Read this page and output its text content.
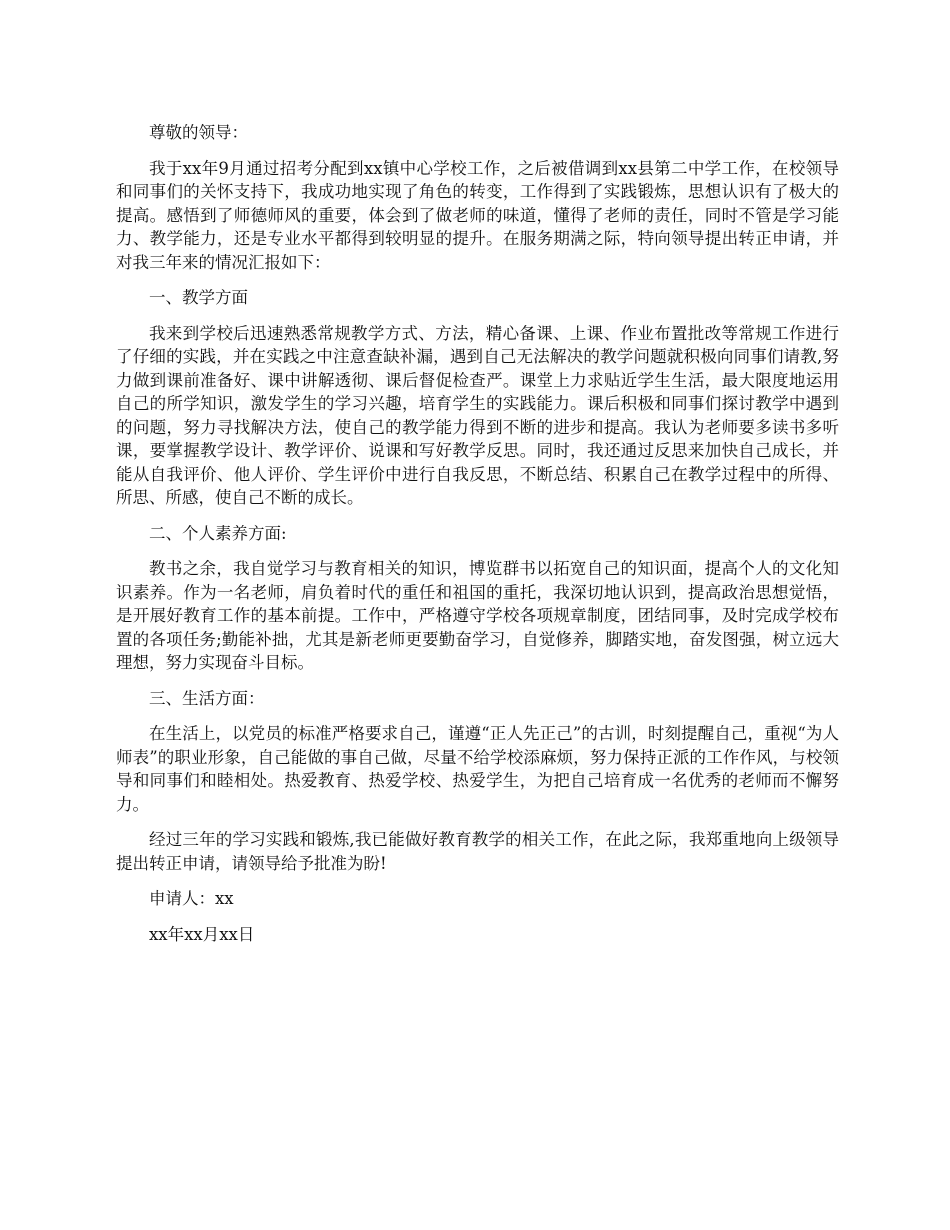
尊敬的领导：

我于xx年9月通过招考分配到xx镇中心学校工作，之后被借调到xx县第二中学工作，在校领导和同事们的关怀支持下，我成功地实现了角色的转变，工作得到了实践锻炼，思想认识有了极大的提高。感悟到了师德师风的重要，体会到了做老师的味道，懂得了老师的责任，同时不管是学习能力、教学能力，还是专业水平都得到较明显的提升。在服务期满之际，特向领导提出转正申请，并对我三年来的情况汇报如下：

一、教学方面

我来到学校后迅速熟悉常规教学方式、方法，精心备课、上课、作业布置批改等常规工作进行了仔细的实践，并在实践之中注意查缺补漏，遇到自己无法解决的教学问题就积极向同事们请教,努力做到课前准备好、课中讲解透彻、课后督促检查严。课堂上力求贴近学生生活，最大限度地运用自己的所学知识，激发学生的学习兴趣，培育学生的实践能力。课后积极和同事们探讨教学中遇到的问题，努力寻找解决方法，使自己的教学能力得到不断的进步和提高。我认为老师要多读书多听课，要掌握教学设计、教学评价、说课和写好教学反思。同时，我还通过反思来加快自己成长，并能从自我评价、他人评价、学生评价中进行自我反思，不断总结、积累自己在教学过程中的所得、所思、所感，使自己不断的成长。

二、个人素养方面:

教书之余，我自觉学习与教育相关的知识，博览群书以拓宽自己的知识面，提高个人的文化知识素养。作为一名老师，肩负着时代的重任和祖国的重托，我深切地认识到，提高政治思想觉悟，是开展好教育工作的基本前提。工作中，严格遵守学校各项规章制度，团结同事，及时完成学校布置的各项任务;勤能补拙，尤其是新老师更要勤奋学习，自觉修养，脚踏实地，奋发图强，树立远大理想，努力实现奋斗目标。

三、生活方面：

在生活上，以党员的标准严格要求自己，谨遵“正人先正己”的古训，时刻提醒自己，重视“为人师表”的职业形象，自己能做的事自己做，尽量不给学校添麻烦，努力保持正派的工作作风，与校领导和同事们和睦相处。热爱教育、热爱学校、热爱学生，为把自己培育成一名优秀的老师而不懈努力。

经过三年的学习实践和锻炼,我已能做好教育教学的相关工作，在此之际，我郑重地向上级领导提出转正申请，请领导给予批准为盼!

申请人：xx

xx年xx月xx日
